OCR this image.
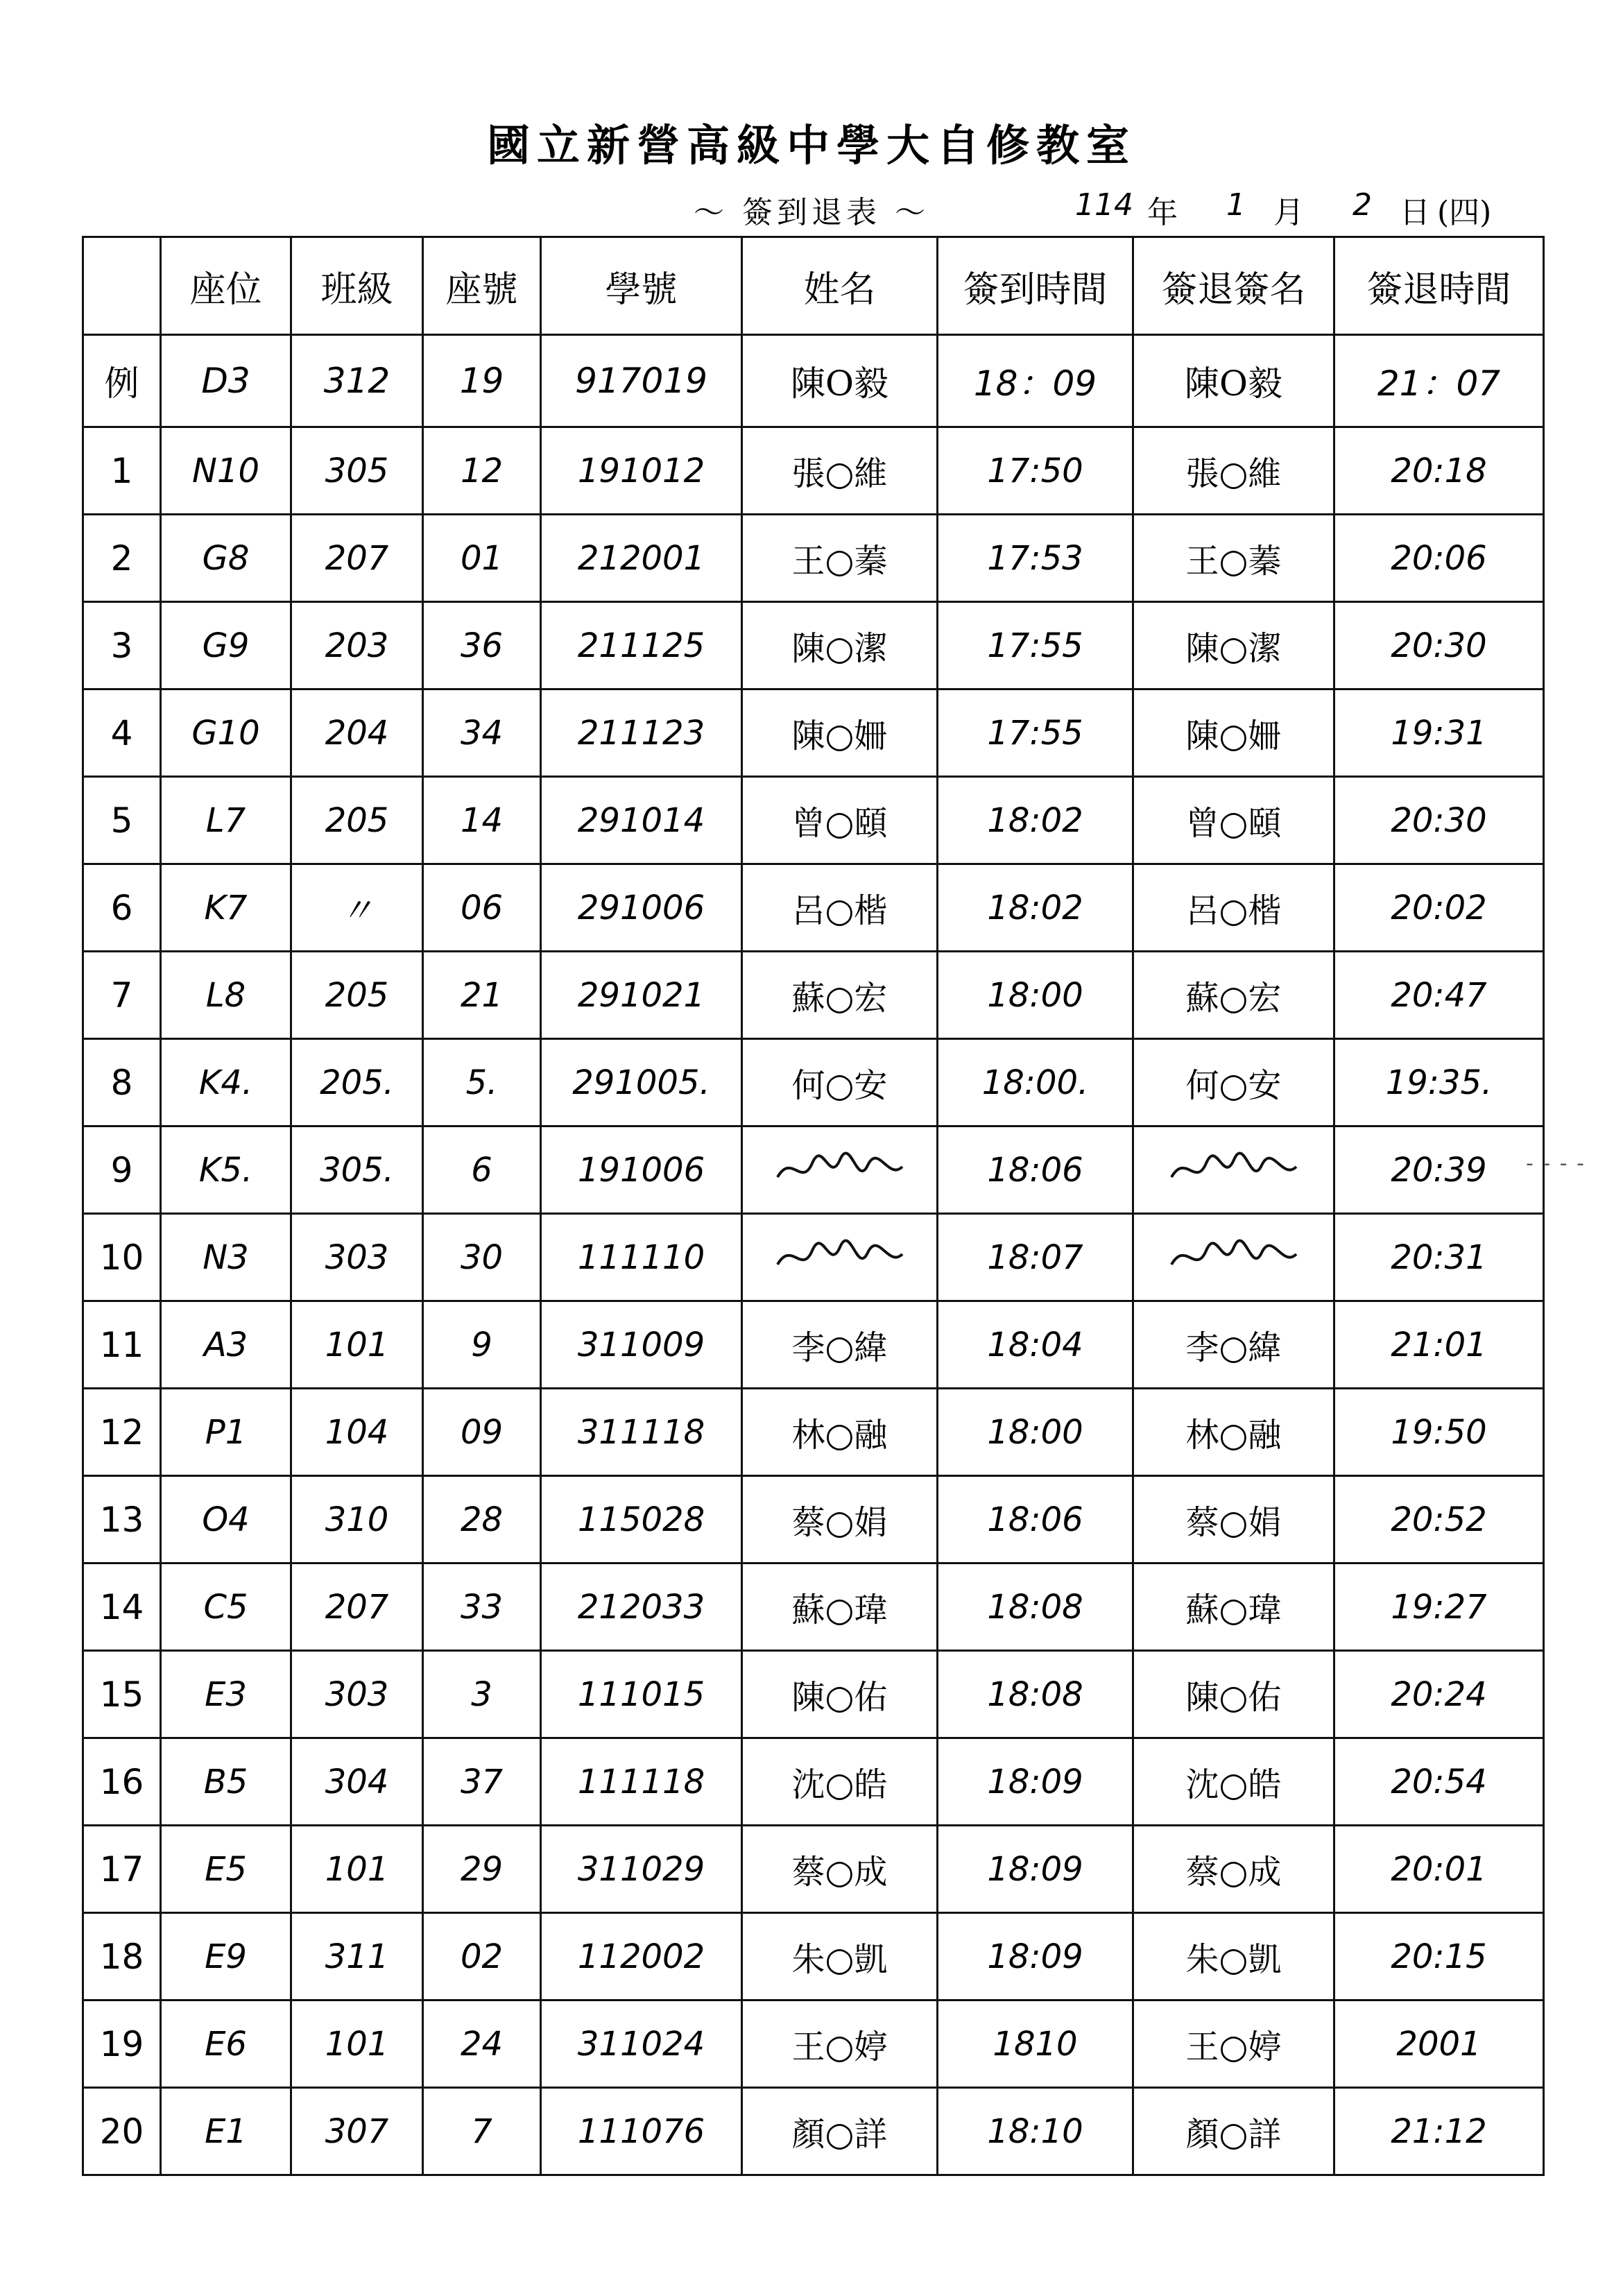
國立新營高級中學大自修教室
～ 簽到退表 ～	114 年 1 月 2 日 (四)
	座位	班級	座號	學號	姓名	簽到時間	簽退簽名	簽退時間
例	D3	312	19	917019	陳O毅	18：09	陳O毅	21：07
1	N10	305	12	191012	張○維	17:50	張○維	20:18
2	G8	207	01	212001	王○蓁	17:53	王○蓁	20:06
3	G9	203	36	211125	陳○潔	17:55	陳○潔	20:30
4	G10	204	34	211123	陳○姍	17:55	陳○姍	19:31
5	L7	205	14	291014	曾○頤	18:02	曾○頤	20:30
6	K7	〃	06	291006	呂○楷	18:02	呂○楷	20:02
7	L8	205	21	291021	蘇○宏	18:00	蘇○宏	20:47
8	K4.	205.	5.	291005.	何○安	18:00.	何○安	19:35.
9	K5.	305.	6	191006		18:06		20:39
10	N3	303	30	111110		18:07		20:31
11	A3	101	9	311009	李○緯	18:04	李○緯	21:01
12	P1	104	09	311118	林○融	18:00	林○融	19:50
13	O4	310	28	115028	蔡○娟	18:06	蔡○娟	20:52
14	C5	207	33	212033	蘇○瑋	18:08	蘇○瑋	19:27
15	E3	303	3	111015	陳○佑	18:08	陳○佑	20:24
16	B5	304	37	111118	沈○皓	18:09	沈○皓	20:54
17	E5	101	29	311029	蔡○成	18:09	蔡○成	20:01
18	E9	311	02	112002	朱○凱	18:09	朱○凱	20:15
19	E6	101	24	311024	王○婷	1810	王○婷	2001
20	E1	307	7	111076	顏○詳	18:10	顏○詳	21:12
- - - -
